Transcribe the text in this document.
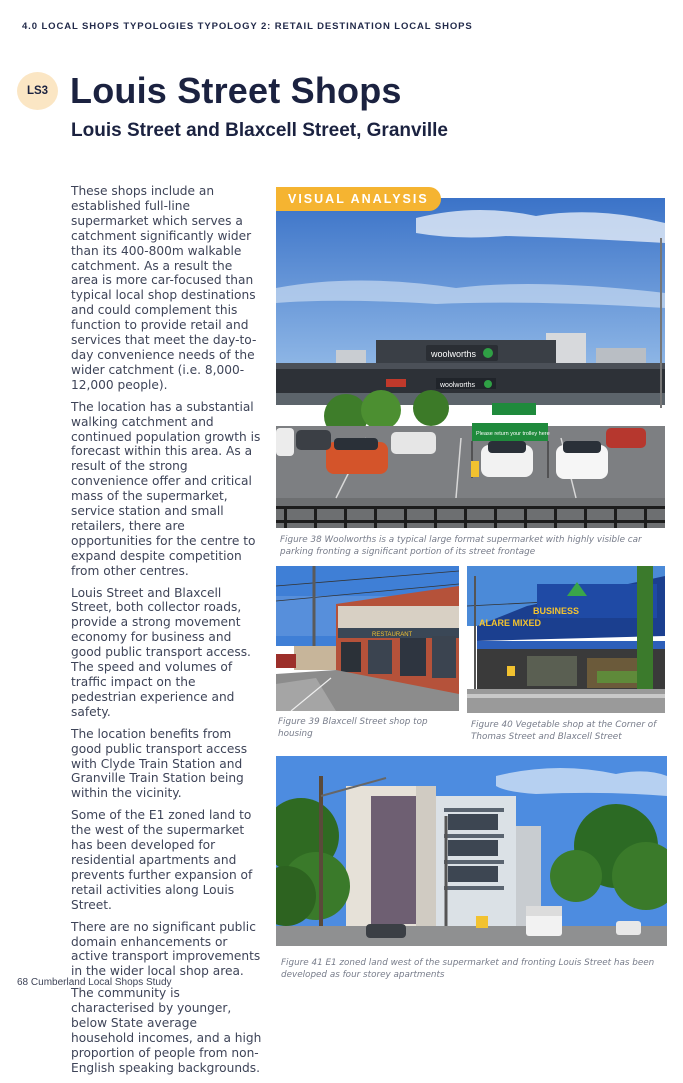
4.0 LOCAL SHOPS TYPOLOGIES TYPOLOGY 2: RETAIL DESTINATION LOCAL SHOPS
LS3 Louis Street Shops
Louis Street and Blaxcell Street, Granville

These shops include an established full-line supermarket which serves a catchment significantly wider than its 400-800m walkable catchment. As a result the area is more car-focused than typical local shop destinations and could complement this function to provide retail and services that meet the day-to-day convenience needs of the wider catchment (i.e. 8,000-12,000 people).

The location has a substantial walking catchment and continued population growth is forecast within this area. As a result of the strong convenience offer and critical mass of the supermarket, service station and small retailers, there are opportunities for the centre to expand despite competition from other centres.

Louis Street and Blaxcell Street, both collector roads, provide a strong movement economy for business and good public transport access. The speed and volumes of traffic impact on the pedestrian experience and safety.

The location benefits from good public transport access with Clyde Train Station and Granville Train Station being within the vicinity.

Some of the E1 zoned land to the west of the supermarket has been developed for residential apartments and prevents further expansion of retail activities along Louis Street.

There are no significant public domain enhancements or active transport improvements in the wider local shop area.

The community is characterised by younger, below State average household incomes, and a high proportion of people from non-English speaking backgrounds.

VISUAL ANALYSIS
woolworths
woolworths
Please return your trolley here
Figure 38 Woolworths is a typical large format supermarket with highly visible car parking fronting a significant portion of its street frontage
RESTAURANT
Figure 39 Blaxcell Street shop top housing
ALARE MIXED
BUSINESS
Figure 40 Vegetable shop at the Corner of Thomas Street and Blaxcell Street
Figure 41 E1 zoned land west of the supermarket and fronting Louis Street has been developed as four storey apartments
68 Cumberland Local Shops Study
